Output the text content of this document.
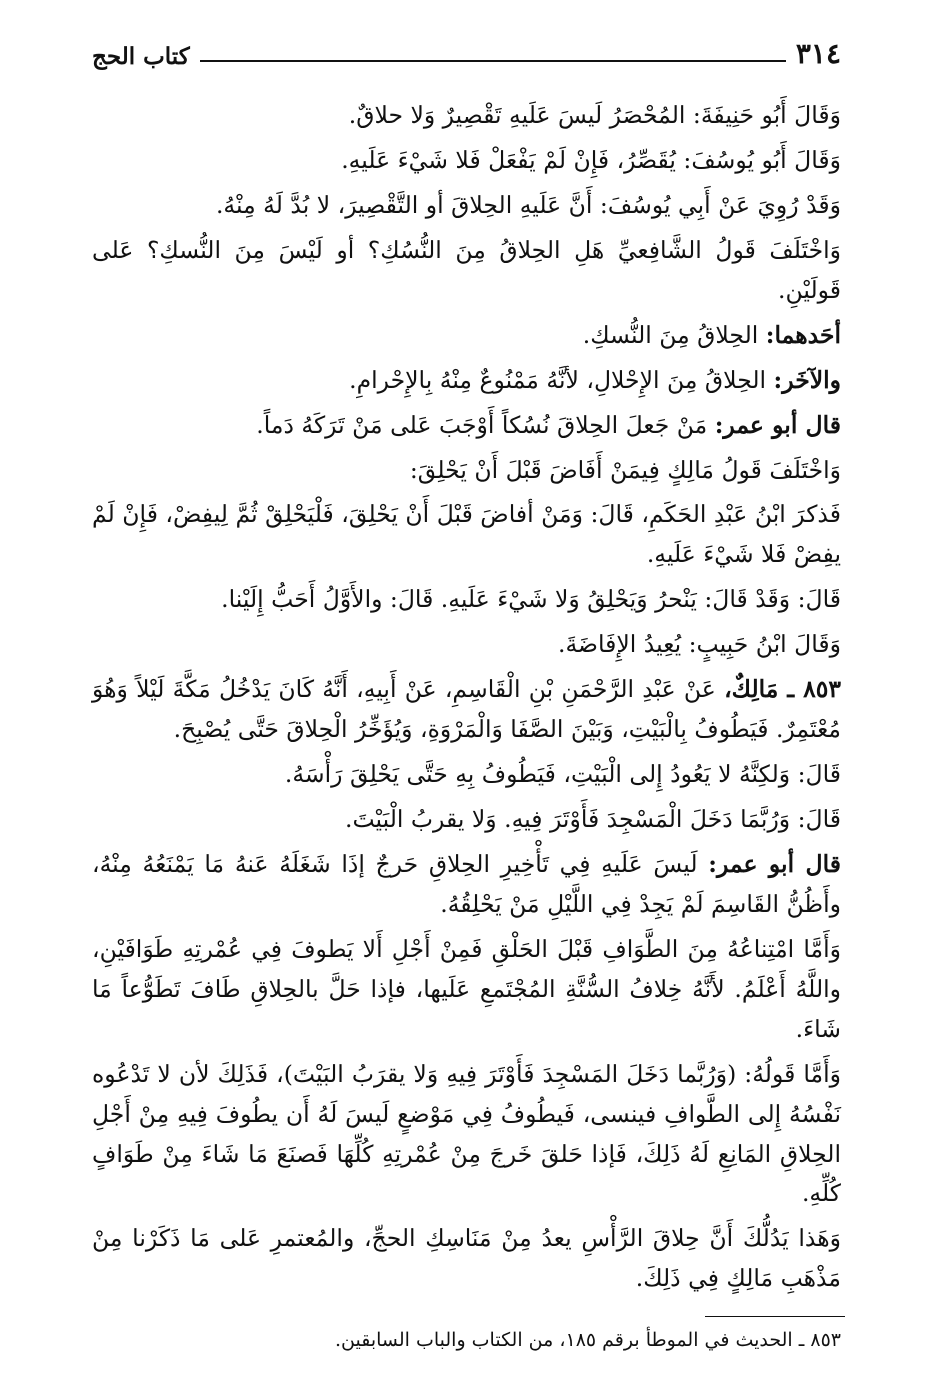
٣١٤
كتاب الحج

وَقَالَ أَبُو حَنِيفَةَ: المُحْصَرُ لَيسَ عَلَيهِ تَقْصِيرٌ وَلا حلاقٌ.

وَقَالَ أَبُو يُوسُفَ: يُقَصِّرُ، فَإِنْ لَمْ يَفْعَلْ فَلا شَيْءَ عَلَيهِ.

وَقَدْ رُوِيَ عَنْ أَبِي يُوسُفَ: أَنَّ عَلَيهِ الحِلاقَ أو التَّقْصِيرَ، لا بُدَّ لَهُ مِنْهُ.

وَاخْتَلَفَ قَولُ الشَّافِعيِّ هَلِ الحِلاقُ مِنَ النُّسُكِ؟ أو لَيْسَ مِنَ النُّسكِ؟ عَلى قَولَيْنِ.

أحَدهما: الحِلاقُ مِنَ النُّسكِ.

والآخَر: الحِلاقُ مِنَ الإِحْلالِ، لأنَّهُ مَمْنُوعٌ مِنْهُ بِالإِحْرامِ.

قال أبو عمر: مَنْ جَعلَ الحِلاقَ نُسُكاً أَوْجَبَ عَلى مَنْ تَرَكَهُ دَماً.

وَاخْتَلَفَ قَولُ مَالِكٍ فِيمَنْ أَفَاضَ قَبْلَ أَنْ يَحْلِقَ:

فَذكرَ ابْنُ عَبْدِ الحَكَمِ، قَالَ: وَمَنْ أفاضَ قَبْلَ أَنْ يَحْلِقَ، فَلْيَحْلِقْ ثُمَّ لِيفِضْ، فَإِنْ لَمْ يفِضْ فَلا شَيْءَ عَلَيهِ.

قَالَ: وَقَدْ قَالَ: يَنْحرُ وَيَحْلِقُ وَلا شَيْءَ عَلَيهِ. قَالَ: والأَوَّلُ أَحَبُّ إِلَيْنا.

وَقَالَ ابْنُ حَبِيبٍ: يُعِيدُ الإِفَاضَةَ.

٨٥٣ ـ مَالِكٌ، عَنْ عَبْدِ الرَّحْمَنِ بْنِ الْقَاسِمِ، عَنْ أَبِيهِ، أَنَّهُ كَانَ يَدْخُلُ مَكَّةَ لَيْلاً وَهُوَ مُعْتَمِرٌ. فَيَطُوفُ بِالْبَيْتِ، وَبَيْنَ الصَّفَا وَالْمَرْوَةِ، وَيُؤَخِّرُ الْحِلاقَ حَتَّى يُصْبِحَ.

قَالَ: وَلكِنَّهُ لا يَعُودُ إِلى الْبَيْتِ، فَيَطُوفُ بِهِ حَتَّى يَحْلِقَ رَأْسَهُ.

قَالَ: وَرُبَّمَا دَخَلَ الْمَسْجِدَ فَأَوْتَرَ فِيهِ. وَلا يقربُ الْبَيْتَ.

قال أبو عمر: لَيسَ عَلَيهِ فِي تَأْخِيرِ الحِلاقِ حَرجٌ إذَا شَغَلَهُ عَنهُ مَا يَمْنَعُهُ مِنْهُ، وأَظُنُّ القَاسِمَ لَمْ يَجِدْ فِي اللَّيْلِ مَنْ يَحْلِقُهُ.

وَأَمَّا امْتِناعُهُ مِنَ الطَّوَافِ قَبْلَ الحَلْقِ فَمِنْ أَجْلِ أَلا يَطوفَ فِي عُمْرتِهِ طَوَافَيْنِ، واللَّهُ أَعْلَمُ. لأَنَّهُ خِلافُ السُّنَّةِ المُجْتَمعِ عَلَيها، فإذا حَلَّ بالحِلاقِ طَافَ تَطَوُّعاً مَا شَاءَ.

وَأَمَّا قَولُهُ: (وَرُبَّما دَخَلَ المَسْجِدَ فَأَوْتَرَ فِيهِ وَلا يقرَبُ البَيْتَ)، فَذَلِكَ لأن لا تَدْعُوه نَفْسُهُ إِلى الطَّوافِ فينسى، فَيطُوفُ فِي مَوْضعٍ لَيسَ لَهُ أَن يطُوفَ فِيهِ مِنْ أَجْلِ الحِلاقِ المَانِعِ لَهُ ذَلِكَ، فَإذا حَلقَ خَرجَ مِنْ عُمْرتِهِ كُلِّهَا فَصنَعَ مَا شَاءَ مِنْ طَوَافٍ كُلِّهِ.

وَهَذا يَدُلُّكَ أَنَّ حِلاقَ الرَّأْسِ يعدُ مِنْ مَنَاسِكِ الحجِّ، والمُعتمرِ عَلى مَا ذَكَرْنا مِنْ مَذْهَبِ مَالِكٍ فِي ذَلِكَ.

٨٥٣ ـ الحديث في الموطأ برقم ١٨٥، من الكتاب والباب السابقين.
